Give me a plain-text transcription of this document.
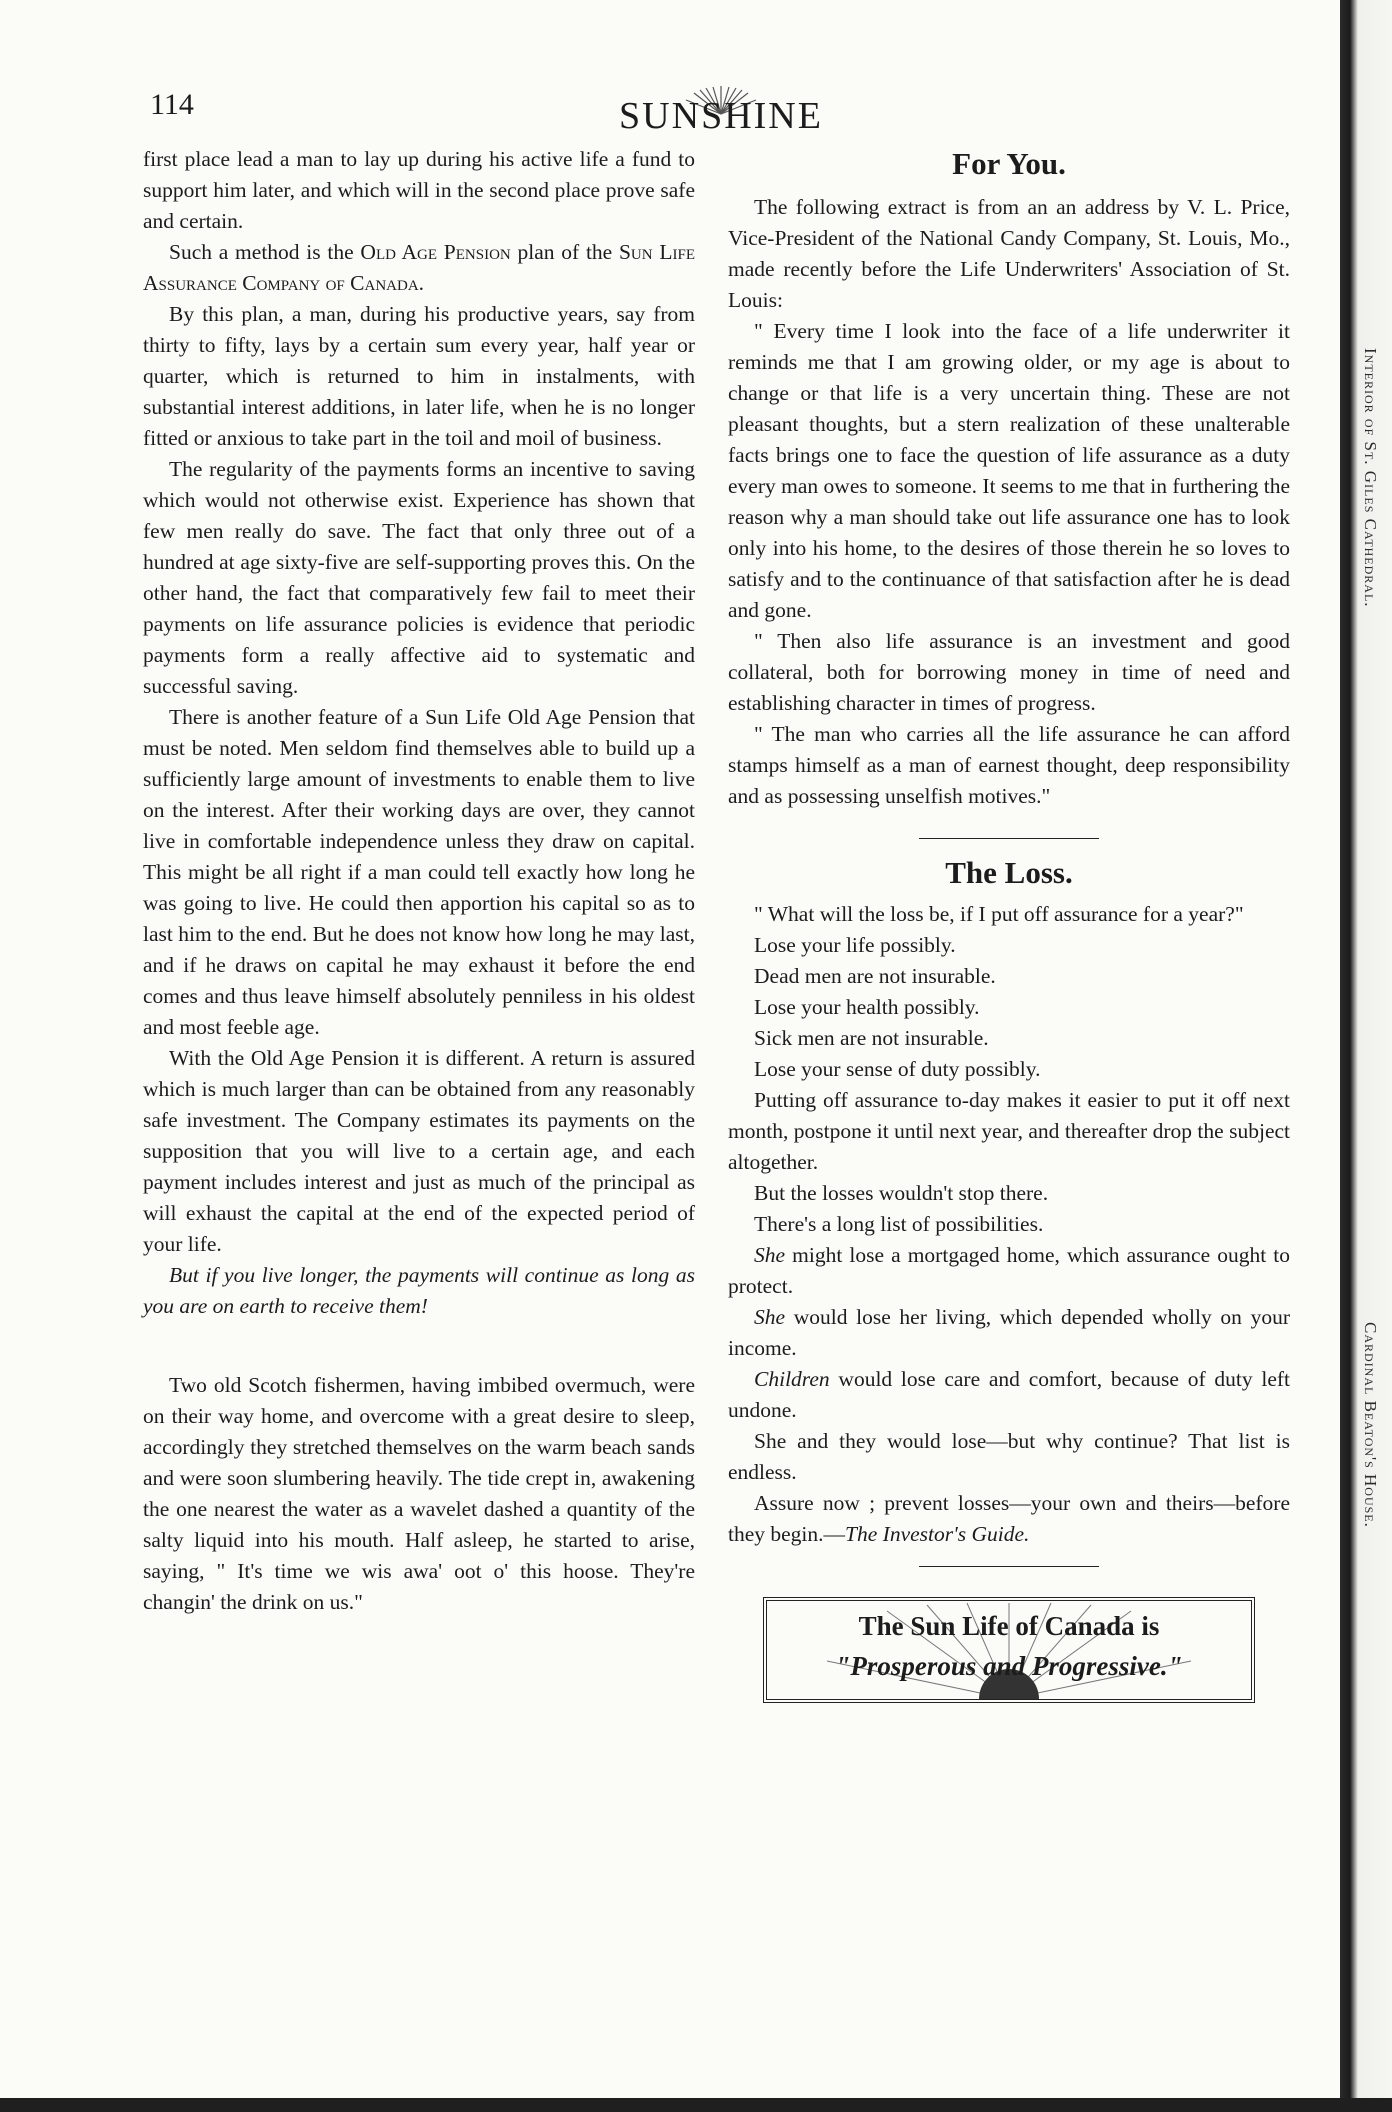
114	SUNSHINE

first place lead a man to lay up during his active life a fund to support him later, and which will in the second place prove safe and certain.

Such a method is the Old Age Pension plan of the Sun Life Assurance Company of Canada.

By this plan, a man, during his productive years, say from thirty to fifty, lays by a certain sum every year, half year or quarter, which is returned to him in instalments, with substantial interest additions, in later life, when he is no longer fitted or anxious to take part in the toil and moil of business.

The regularity of the payments forms an incentive to saving which would not otherwise exist. Experience has shown that few men really do save. The fact that only three out of a hundred at age sixty-five are self-supporting proves this. On the other hand, the fact that comparatively few fail to meet their payments on life assurance policies is evidence that periodic payments form a really affective aid to systematic and successful saving.

There is another feature of a Sun Life Old Age Pension that must be noted. Men seldom find themselves able to build up a sufficiently large amount of investments to enable them to live on the interest. After their working days are over, they cannot live in comfortable independence unless they draw on capital. This might be all right if a man could tell exactly how long he was going to live. He could then apportion his capital so as to last him to the end. But he does not know how long he may last, and if he draws on capital he may exhaust it before the end comes and thus leave himself absolutely penniless in his oldest and most feeble age.

With the Old Age Pension it is different. A return is assured which is much larger than can be obtained from any reasonably safe investment. The Company estimates its payments on the supposition that you will live to a certain age, and each payment includes interest and just as much of the principal as will exhaust the capital at the end of the expected period of your life.

But if you live longer, the payments will continue as long as you are on earth to receive them!

Two old Scotch fishermen, having imbibed overmuch, were on their way home, and overcome with a great desire to sleep, accordingly they stretched themselves on the warm beach sands and were soon slumbering heavily. The tide crept in, awakening the one nearest the water as a wavelet dashed a quantity of the salty liquid into his mouth. Half asleep, he started to arise, saying, " It's time we wis awa' oot o' this hoose. They're changin' the drink on us."

For You.

The following extract is from an an address by V. L. Price, Vice-President of the National Candy Company, St. Louis, Mo., made recently before the Life Underwriters' Association of St. Louis:

" Every time I look into the face of a life underwriter it reminds me that I am growing older, or my age is about to change or that life is a very uncertain thing. These are not pleasant thoughts, but a stern realization of these unalterable facts brings one to face the question of life assurance as a duty every man owes to someone. It seems to me that in furthering the reason why a man should take out life assurance one has to look only into his home, to the desires of those therein he so loves to satisfy and to the continuance of that satisfaction after he is dead and gone.

" Then also life assurance is an investment and good collateral, both for borrowing money in time of need and establishing character in times of progress.

" The man who carries all the life assurance he can afford stamps himself as a man of earnest thought, deep responsibility and as possessing unselfish motives."

The Loss.

" What will the loss be, if I put off assurance for a year?"

Lose your life possibly.

Dead men are not insurable.

Lose your health possibly.

Sick men are not insurable.

Lose your sense of duty possibly.

Putting off assurance to-day makes it easier to put it off next month, postpone it until next year, and thereafter drop the subject altogether.

But the losses wouldn't stop there.

There's a long list of possibilities.

She might lose a mortgaged home, which assurance ought to protect.

She would lose her living, which depended wholly on your income.

Children would lose care and comfort, because of duty left undone.

She and they would lose—but why continue? That list is endless.

Assure now ; prevent losses—your own and theirs—before they begin.—The Investor's Guide.

The Sun Life of Canada is
"Prosperous and Progressive."
Interior of St. Giles Cathedral.
Cardinal Beaton's House.
